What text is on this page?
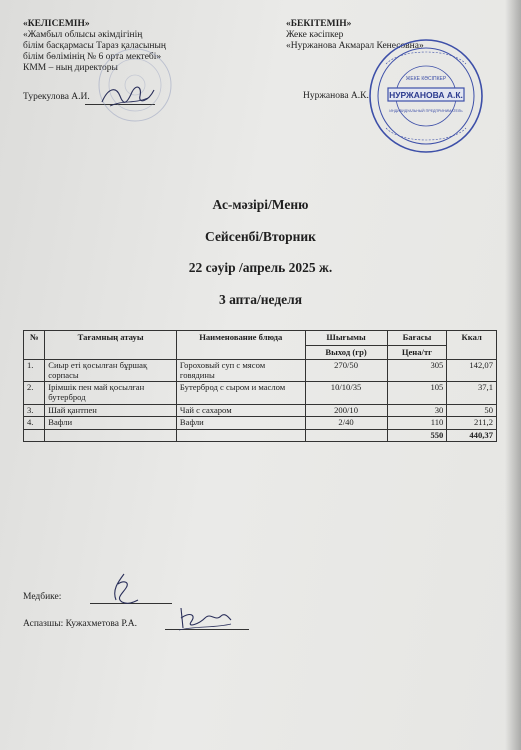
«КЕЛІСЕМІН»
«Жамбыл облысы әкімдігінің
білім басқармасы Тараз қаласының
білім бөлімінің № 6 орта мектебі»
КММ – ның директоры
Турекулова А.И.
«БЕКІТЕМІН»
Жеке кәсіпкер
«Нуржанова Акмарал Кенесовна»
Нуржанова А.К. НУРЖАНОВА А.К.
ЖЕКЕ КӘСІПКЕР
ИНДИВИДУАЛЬНЫЙ ПРЕДПРИНИМАТЕЛЬ
Ас-мәзірі/Меню
Сейсенбі/Вторник
22 сәуір /апрель 2025 ж.
3 апта/неделя
№	Тағамның атауы	Наименование блюда	Шығымы	Бағасы	Ккал
			Выход (гр)	Цена/тг	
1.	Сиыр еті қосылған бұршақ сорпасы	Гороховый суп с мясом говядины	270/50	305	142,07
2.	Ірімшік пен май қосылған бутерброд	Бутерброд с сыром и маслом	10/10/35	105	37,1
3.	Шай қантпен	Чай с сахаром	200/10	30	50
4.	Вафли	Вафли	2/40	110	211,2
				550	440,37
Медбике:
Аспазшы: Кужахметова Р.А.
